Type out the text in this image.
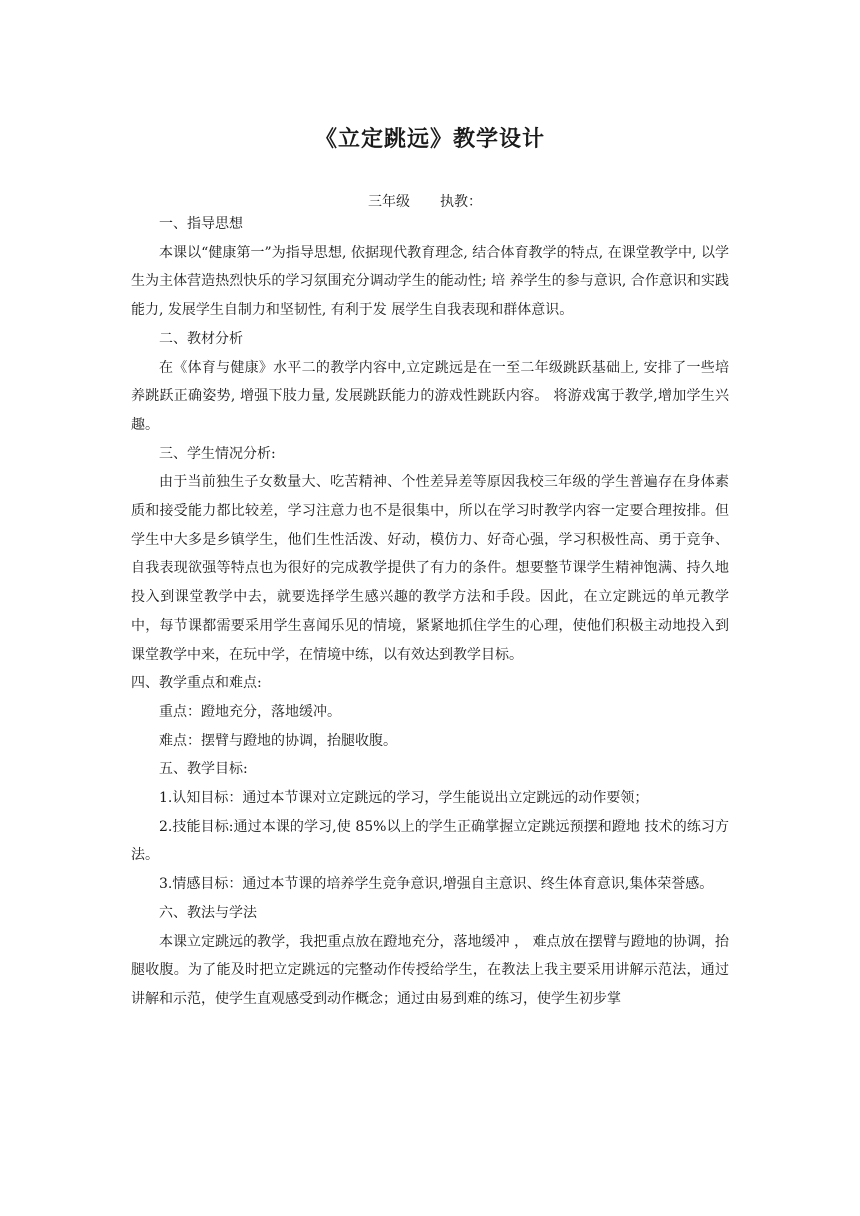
《立定跳远》教学设计
三年级 执教：

一、指导思想

本课以“健康第一”为指导思想, 依据现代教育理念, 结合体育教学的特点, 在课堂教学中, 以学生为主体营造热烈快乐的学习氛围充分调动学生的能动性; 培 养学生的参与意识, 合作意识和实践能力, 发展学生自制力和坚韧性, 有利于发 展学生自我表现和群体意识。

二、教材分析

在《体育与健康》水平二的教学内容中,立定跳远是在一至二年级跳跃基础上, 安排了一些培养跳跃正确姿势, 增强下肢力量, 发展跳跃能力的游戏性跳跃内容。 将游戏寓于教学,增加学生兴趣。

三、学生情况分析:

由于当前独生子女数量大、吃苦精神、个性差异差等原因我校三年级的学生普遍存在身体素质和接受能力都比较差，学习注意力也不是很集中，所以在学习时教学内容一定要合理按排。但学生中大多是乡镇学生，他们生性活泼、好动，模仿力、好奇心强，学习积极性高、勇于竞争、自我表现欲强等特点也为很好的完成教学提供了有力的条件。想要整节课学生精神饱满、持久地投入到课堂教学中去，就要选择学生感兴趣的教学方法和手段。因此，在立定跳远的单元教学中，每节课都需要采用学生喜闻乐见的情境，紧紧地抓住学生的心理，使他们积极主动地投入到课堂教学中来，在玩中学，在情境中练，以有效达到教学目标。

四、教学重点和难点:

重点：蹬地充分，落地缓冲。

难点：摆臂与蹬地的协调，抬腿收腹。

五、教学目标:

1.认知目标：通过本节课对立定跳远的学习，学生能说出立定跳远的动作要领；

2.技能目标:通过本课的学习,使 85%以上的学生正确掌握立定跳远预摆和蹬地 技术的练习方法。

3.情感目标：通过本节课的培养学生竞争意识,增强自主意识、终生体育意识,集体荣誉感。

六、教法与学法

本课立定跳远的教学，我把重点放在蹬地充分，落地缓冲 ， 难点放在摆臂与蹬地的协调，抬腿收腹。为了能及时把立定跳远的完整动作传授给学生，在教法上我主要采用讲解示范法，通过讲解和示范，使学生直观感受到动作概念；通过由易到难的练习，使学生初步掌
